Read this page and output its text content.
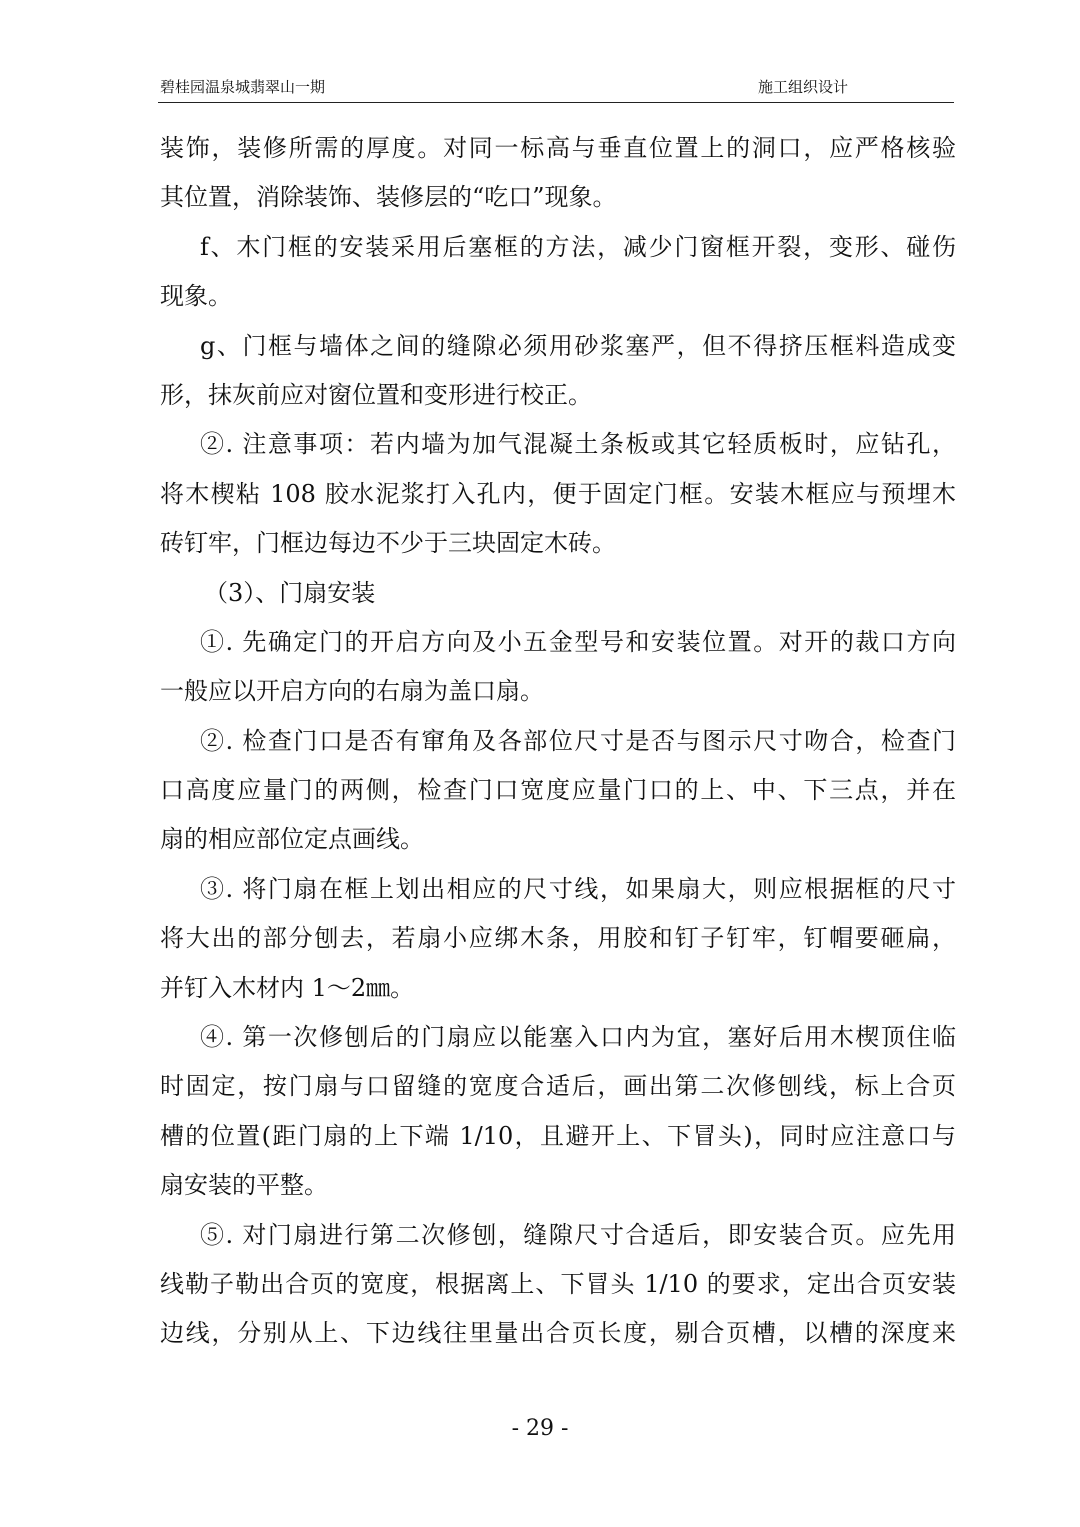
碧桂园温泉城翡翠山一期	施工组织设计
装饰，装修所需的厚度。对同一标高与垂直位置上的洞口，应严格核验
其位置，消除装饰、装修层的“吃口”现象。
f、木门框的安装采用后塞框的方法，减少门窗框开裂，变形、碰伤
现象。
g、门框与墙体之间的缝隙必须用砂浆塞严，但不得挤压框料造成变
形，抹灰前应对窗位置和变形进行校正。
②. 注意事项：若内墙为加气混凝土条板或其它轻质板时，应钻孔，
将木楔粘 108 胶水泥浆打入孔内，便于固定门框。安装木框应与预埋木
砖钉牢，门框边每边不少于三块固定木砖。
（3）、门扇安装
①. 先确定门的开启方向及小五金型号和安装位置。对开的裁口方向
一般应以开启方向的右扇为盖口扇。
②. 检查门口是否有窜角及各部位尺寸是否与图示尺寸吻合，检查门
口高度应量门的两侧，检查门口宽度应量门口的上、中、下三点，并在
扇的相应部位定点画线。
③. 将门扇在框上划出相应的尺寸线，如果扇大，则应根据框的尺寸
将大出的部分刨去，若扇小应绑木条，用胶和钉子钉牢，钉帽要砸扁，
并钉入木材内 1～2㎜。
④. 第一次修刨后的门扇应以能塞入口内为宜，塞好后用木楔顶住临
时固定，按门扇与口留缝的宽度合适后，画出第二次修刨线，标上合页
槽的位置(距门扇的上下端 1/10，且避开上、下冒头)，同时应注意口与
扇安装的平整。
⑤. 对门扇进行第二次修刨，缝隙尺寸合适后，即安装合页。应先用
线勒子勒出合页的宽度，根据离上、下冒头 1/10 的要求，定出合页安装
边线，分别从上、下边线往里量出合页长度，剔合页槽，以槽的深度来
- 29 -
